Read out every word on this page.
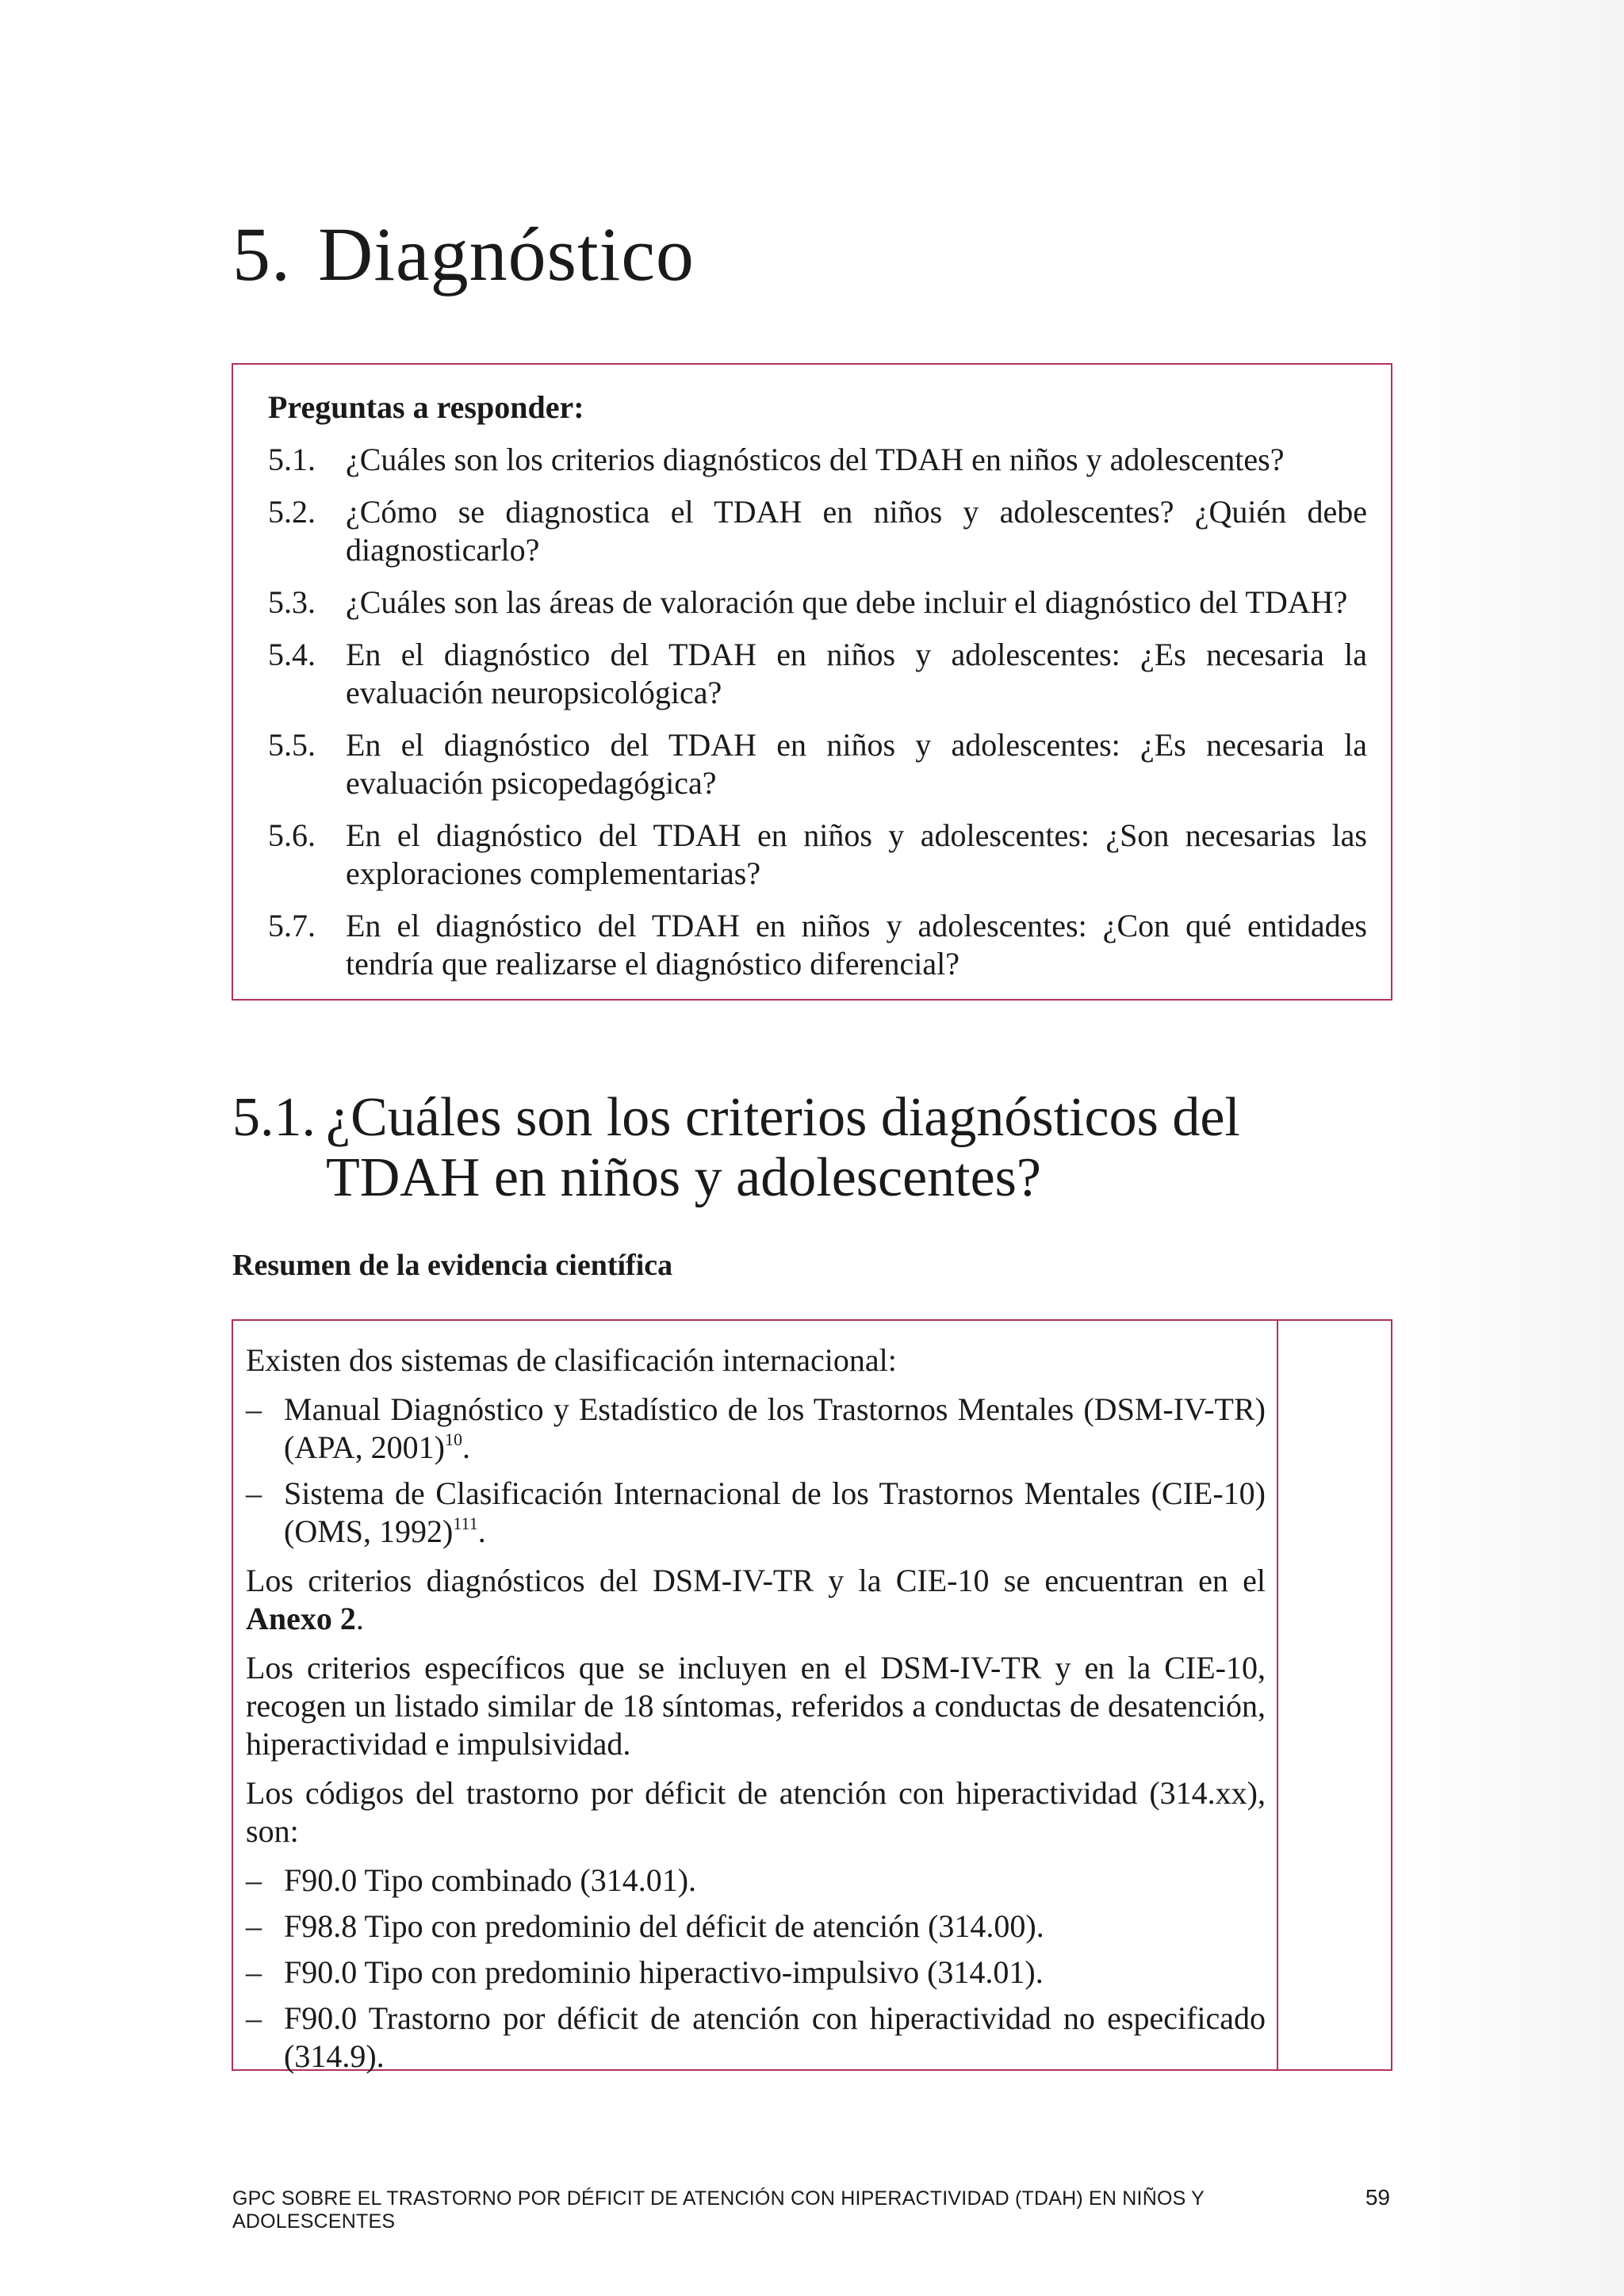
5. Diagnóstico
Preguntas a responder:
5.1. ¿Cuáles son los criterios diagnósticos del TDAH en niños y adolescentes?
5.2. ¿Cómo se diagnostica el TDAH en niños y adolescentes? ¿Quién debe diagnosticarlo?
5.3. ¿Cuáles son las áreas de valoración que debe incluir el diagnóstico del TDAH?
5.4. En el diagnóstico del TDAH en niños y adolescentes: ¿Es necesaria la evaluación neuropsicológica?
5.5. En el diagnóstico del TDAH en niños y adolescentes: ¿Es necesaria la evaluación psicopedagógica?
5.6. En el diagnóstico del TDAH en niños y adolescentes: ¿Son necesarias las exploraciones complementarias?
5.7. En el diagnóstico del TDAH en niños y adolescentes: ¿Con qué entidades tendría que realizarse el diagnóstico diferencial?
5.1. ¿Cuáles son los criterios diagnósticos del TDAH en niños y adolescentes?
Resumen de la evidencia científica

Existen dos sistemas de clasificación internacional:

– Manual Diagnóstico y Estadístico de los Trastornos Mentales (DSM-IV-TR) (APA, 2001)$^{10}$.
– Sistema de Clasificación Internacional de los Trastornos Mentales (CIE-10) (OMS, 1992)$^{111}$.

Los criterios diagnósticos del DSM-IV-TR y la CIE-10 se encuentran en el Anexo 2.

Los criterios específicos que se incluyen en el DSM-IV-TR y en la CIE-10, recogen un listado similar de 18 síntomas, referidos a conductas de desatención, hiperactividad e impulsividad.

Los códigos del trastorno por déficit de atención con hiperactividad (314.xx), son:

– F90.0 Tipo combinado (314.01).
– F98.8 Tipo con predominio del déficit de atención (314.00).
– F90.0 Tipo con predominio hiperactivo-impulsivo (314.01).
– F90.0 Trastorno por déficit de atención con hiperactividad no especificado (314.9).
GPC SOBRE EL TRASTORNO POR DÉFICIT DE ATENCIÓN CON HIPERACTIVIDAD (TDAH) EN NIÑOS Y ADOLESCENTES
59
